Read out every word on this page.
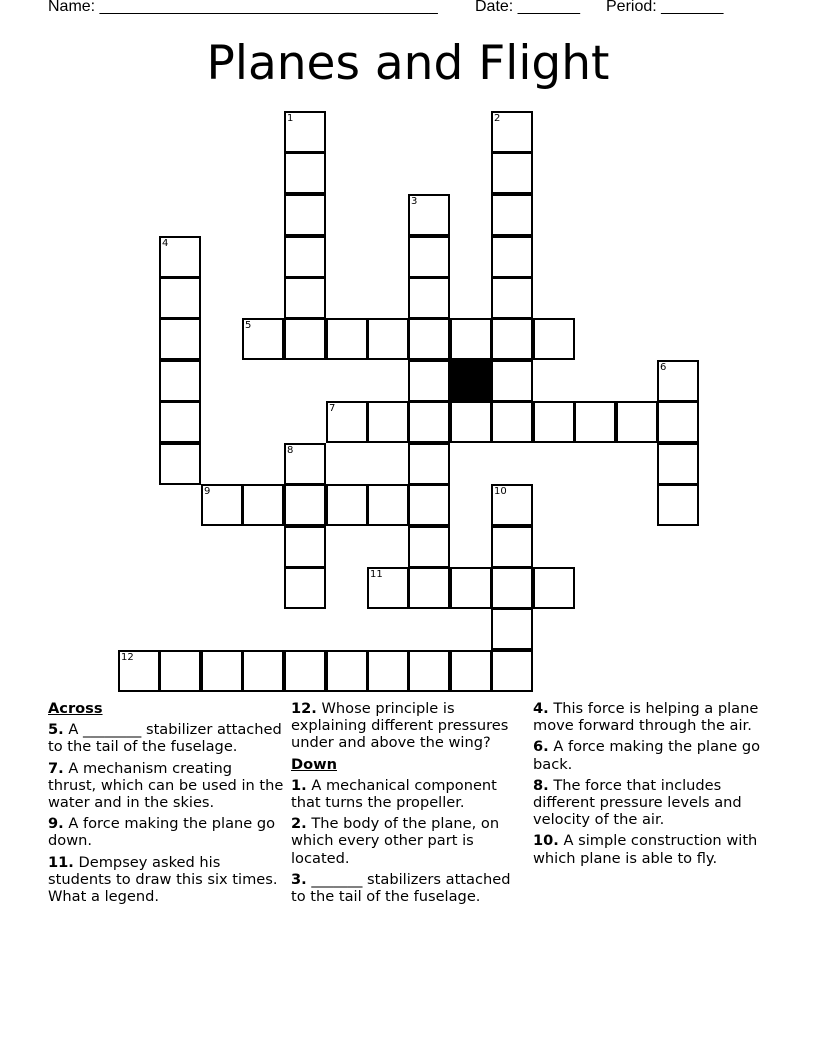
Name: ______________________________________ Date: _______ Period: _______
Planes and Flight
1	2
3
4
5
6
7
8
9	10
11
12
Across
5. A ________ stabilizer attached to the tail of the fuselage.
7. A mechanism creating thrust, which can be used in the water and in the skies.
9. A force making the plane go down.
11. Dempsey asked his students to draw this six times. What a legend.
12. Whose principle is explaining different pressures under and above the wing?
Down
1. A mechanical component that turns the propeller.
2. The body of the plane, on which every other part is located.
3. _______ stabilizers attached to the tail of the fuselage.
4. This force is helping a plane move forward through the air.
6. A force making the plane go back.
8. The force that includes different pressure levels and velocity of the air.
10. A simple construction with which plane is able to fly.
